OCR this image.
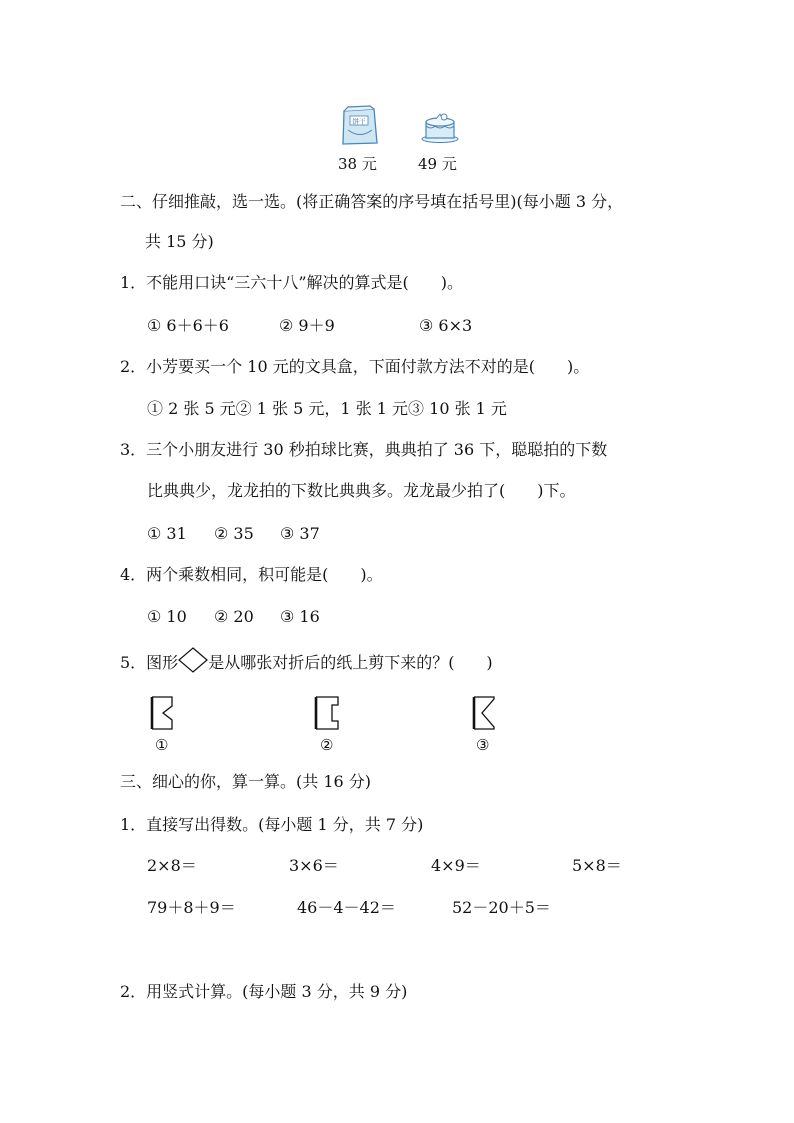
饼干
38 元	49 元
二、仔细推敲，选一选。(将正确答案的序号填在括号里)(每小题 3 分，
共 15 分)
1．不能用口诀“三六十八”解决的算式是(　　)。
① 6＋6＋6	② 9＋9	③ 6×3
2．小芳要买一个 10 元的文具盒，下面付款方法不对的是(　　)。
① 2 张 5 元② 1 张 5 元，1 张 1 元③ 10 张 1 元
3．三个小朋友进行 30 秒拍球比赛，典典拍了 36 下，聪聪拍的下数
比典典少，龙龙拍的下数比典典多。龙龙最少拍了(　　)下。
① 31 ② 35 ③ 37
4．两个乘数相同，积可能是(　　)。
① 10 ② 20 ③ 16
5．图形 是从哪张对折后的纸上剪下来的？(　　)
①	②	③
三、细心的你，算一算。(共 16 分)
1．直接写出得数。(每小题 1 分，共 7 分)
2×8＝	3×6＝	4×9＝	5×8＝
79＋8＋9＝	46－4－42＝	52－20＋5＝
2．用竖式计算。(每小题 3 分，共 9 分)
